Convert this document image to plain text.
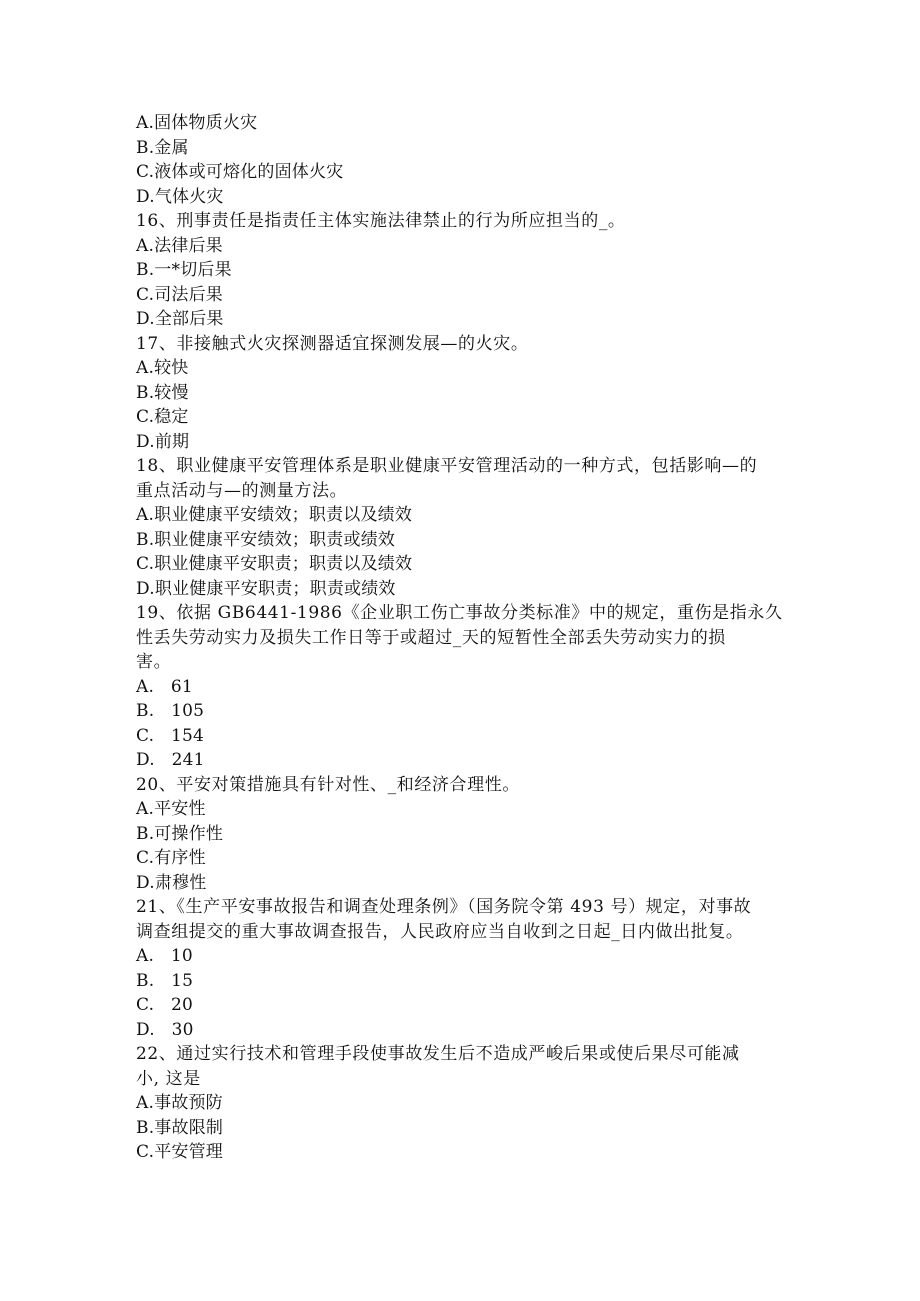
A.固体物质火灾
B.金属
C.液体或可熔化的固体火灾
D.气体火灾
16、刑事责任是指责任主体实施法律禁止的行为所应担当的_。
A.法律后果
B.一*切后果
C.司法后果
D.全部后果
17、非接触式火灾探测器适宜探测发展—的火灾。
A.较快
B.较慢
C.稳定
D.前期
18、职业健康平安管理体系是职业健康平安管理活动的一种方式，包括影响—的
重点活动与—的测量方法。
A.职业健康平安绩效；职责以及绩效
B.职业健康平安绩效；职责或绩效
C.职业健康平安职责；职责以及绩效
D.职业健康平安职责；职责或绩效
19、依据 GB6441-1986《企业职工伤亡事故分类标准》中的规定，重伤是指永久
性丢失劳动实力及损失工作日等于或超过_天的短暂性全部丢失劳动实力的损
害。
A.   61
B.   105
C.   154
D.   241
20、平安对策措施具有针对性、_和经济合理性。
A.平安性
B.可操作性
C.有序性
D.肃穆性
21、《生产平安事故报告和调查处理条例》（国务院令第 493 号）规定，对事故
调查组提交的重大事故调查报告，人民政府应当自收到之日起_日内做出批复。
A.   10
B.   15
C.   20
D.   30
22、通过实行技术和管理手段使事故发生后不造成严峻后果或使后果尽可能减
小, 这是
A.事故预防
B.事故限制
C.平安管理
